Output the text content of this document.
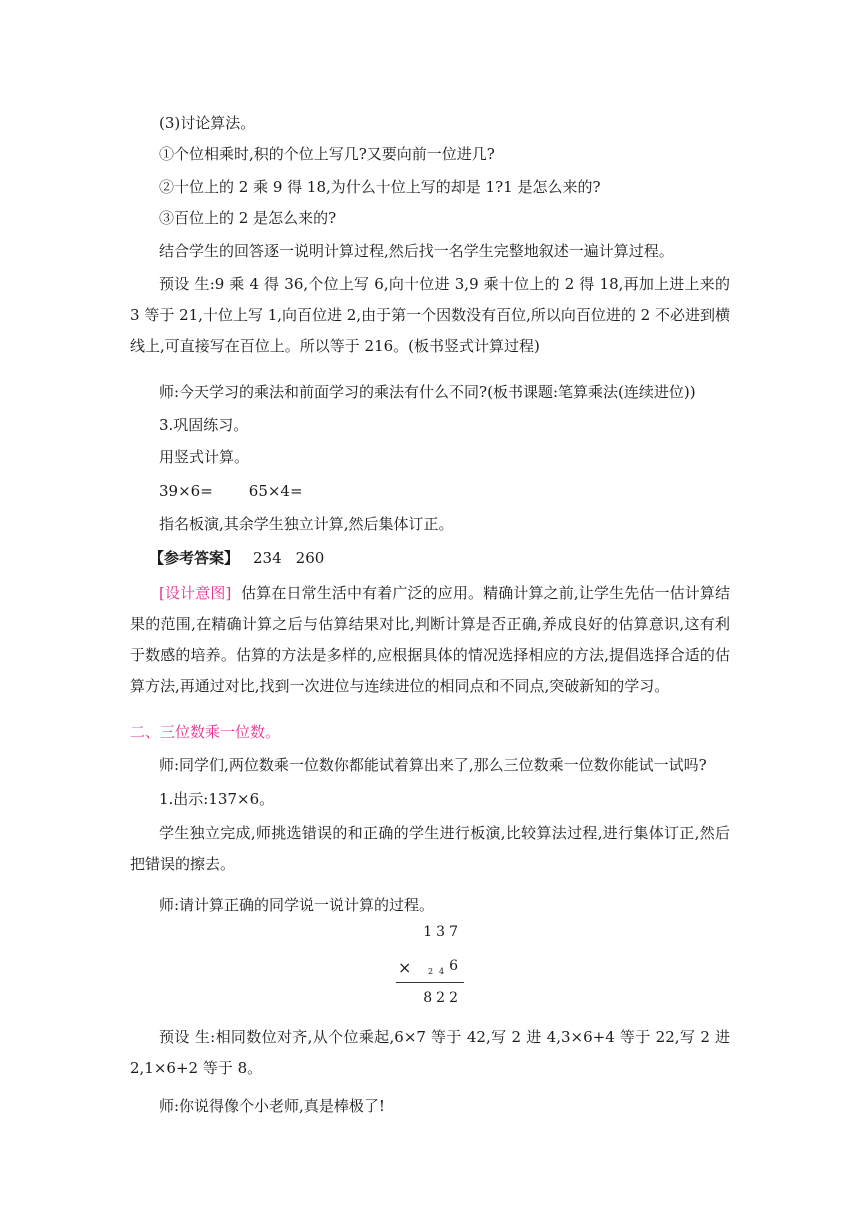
(3)讨论算法。
①个位相乘时,积的个位上写几?又要向前一位进几?
②十位上的 2 乘 9 得 18,为什么十位上写的却是 1?1 是怎么来的?
③百位上的 2 是怎么来的?
结合学生的回答逐一说明计算过程,然后找一名学生完整地叙述一遍计算过程。
预设 生:9 乘 4 得 36,个位上写 6,向十位进 3,9 乘十位上的 2 得 18,再加上进上来的 3 等于 21,十位上写 1,向百位进 2,由于第一个因数没有百位,所以向百位进的 2 不必进到横线上,可直接写在百位上。所以等于 216。(板书竖式计算过程)
师:今天学习的乘法和前面学习的乘法有什么不同?(板书课题:笔算乘法(连续进位))
3.巩固练习。
用竖式计算。
39×6= 65×4=
指名板演,其余学生独立计算,然后集体订正。
【参考答案】 234 260
[设计意图] 估算在日常生活中有着广泛的应用。精确计算之前,让学生先估一估计算结果的范围,在精确计算之后与估算结果对比,判断计算是否正确,养成良好的估算意识,这有利于数感的培养。估算的方法是多样的,应根据具体的情况选择相应的方法,提倡选择合适的估算方法,再通过对比,找到一次进位与连续进位的相同点和不同点,突破新知的学习。
二、三位数乘一位数。
师:同学们,两位数乘一位数你都能试着算出来了,那么三位数乘一位数你能试一试吗?
1.出示:137×6。
学生独立完成,师挑选错误的和正确的学生进行板演,比较算法过程,进行集体订正,然后把错误的擦去。
师:请计算正确的同学说一说计算的过程。
137
× 2 4 6
822
预设 生:相同数位对齐,从个位乘起,6×7 等于 42,写 2 进 4,3×6+4 等于 22,写 2 进 2,1×6+2 等于 8。
师:你说得像个小老师,真是棒极了!
